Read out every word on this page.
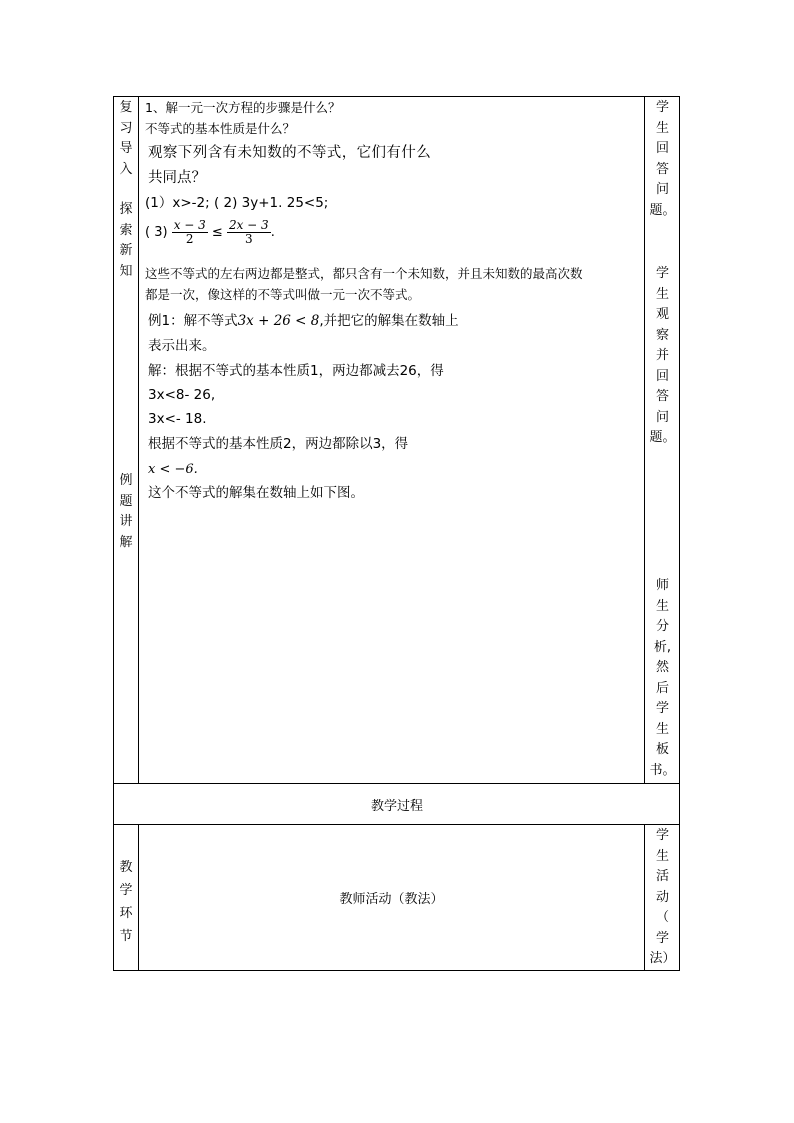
复
习
导
入
探
索
新
知
例
题
讲
解
教
学
环
节
学
生
回
答
问
题。
学
生
观
察
并
回
答
问
题。
师
生
分
析,
然
后
学
生
板
书。
学
生
活
动
（
学
法）
1、解一元一次方程的步骤是什么？
不等式的基本性质是什么？
观察下列含有未知数的不等式，它们有什么
共同点？
(1）x>-2; ( 2) 3y+1. 25<5;
( $3) \frac{x - 3}{2} \le \frac{2x - 3}{3}$ .
这些不等式的左右两边都是整式，都只含有一个未知数，并且未知数的最高次数
都是一次，像这样的不等式叫做一元一次不等式。
例1：解不等式3x + 26 < 8,并把它的解集在数轴上
表示出来。
解：根据不等式的基本性质1，两边都减去26，得
3x<8- 26,
3x<- 18.
根据不等式的基本性质2，两边都除以3，得
x < −6.
这个不等式的解集在数轴上如下图。
教学过程
教师活动（教法）
